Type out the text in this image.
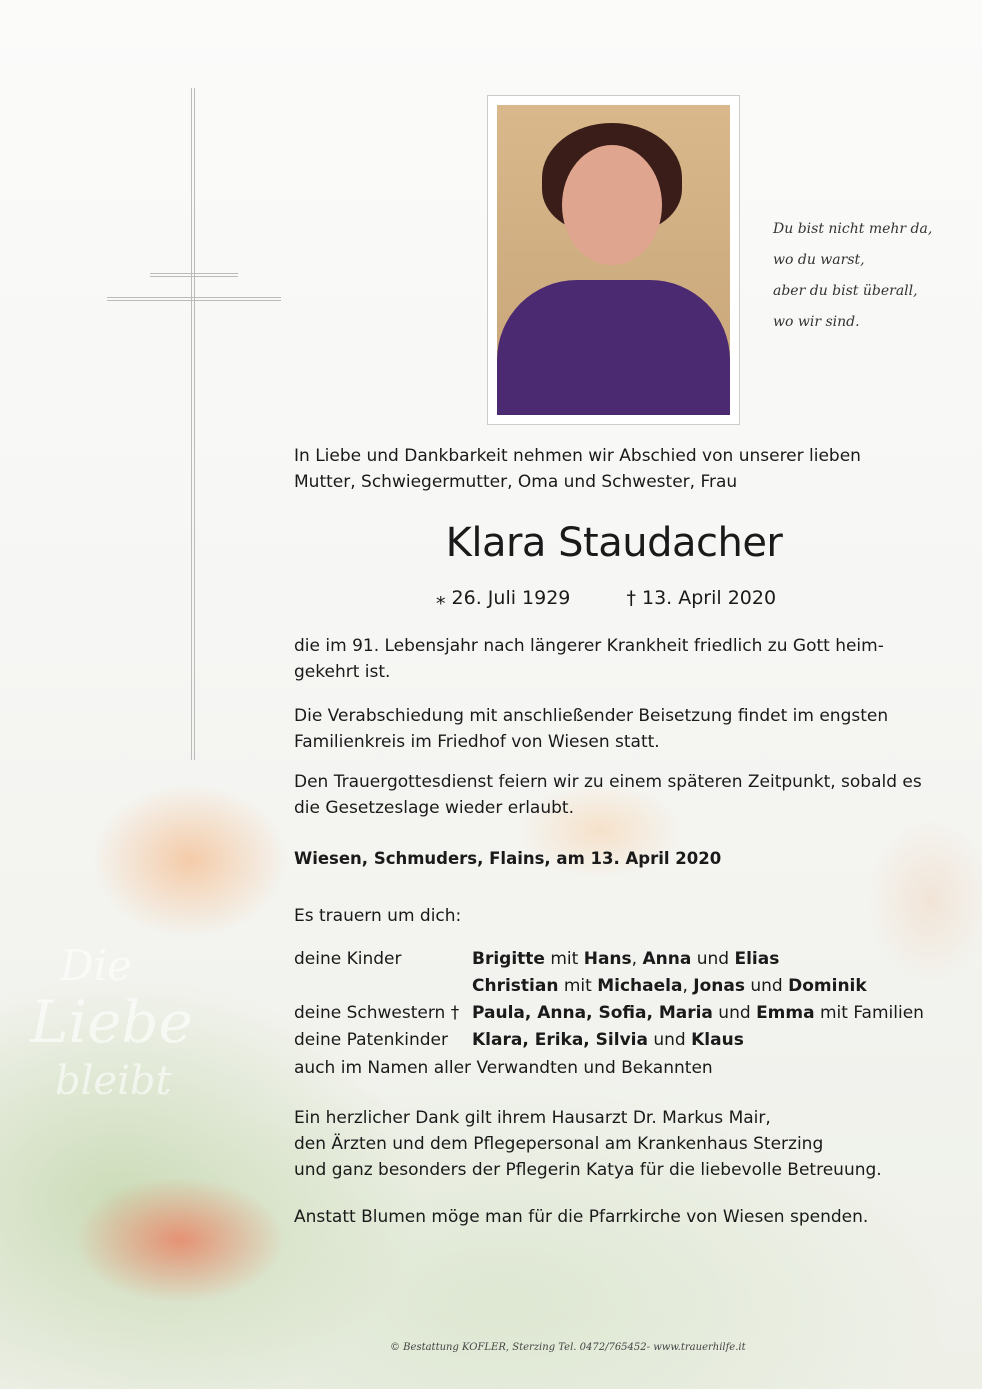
Du bist nicht mehr da,
wo du warst,
aber du bist überall,
wo wir sind.
In Liebe und Dankbarkeit nehmen wir Abschied von unserer lieben Mutter, Schwiegermutter, Oma und Schwester, Frau
Klara Staudacher
⁎ 26. Juli 1929	† 13. April 2020
die im 91. Lebensjahr nach längerer Krankheit friedlich zu Gott heim-gekehrt ist.
Die Verabschiedung mit anschließender Beisetzung findet im engsten Familienkreis im Friedhof von Wiesen statt.
Den Trauergottesdienst feiern wir zu einem späteren Zeitpunkt, sobald es die Gesetzeslage wieder erlaubt.
Wiesen, Schmuders, Flains, am 13. April 2020
Es trauern um dich:
deine Kinder	Brigitte mit Hans, Anna und Elias
Christian mit Michaela, Jonas und Dominik
deine Schwestern † Paula, Anna, Sofia, Maria und Emma mit Familien
deine Patenkinder	Klara, Erika, Silvia und Klaus
auch im Namen aller Verwandten und Bekannten
Ein herzlicher Dank gilt ihrem Hausarzt Dr. Markus Mair,
den Ärzten und dem Pflegepersonal am Krankenhaus Sterzing
und ganz besonders der Pflegerin Katya für die liebevolle Betreuung.
Anstatt Blumen möge man für die Pfarrkirche von Wiesen spenden.
Die
Liebe
bleibt
© Bestattung KOFLER, Sterzing Tel. 0472/765452- www.trauerhilfe.it
